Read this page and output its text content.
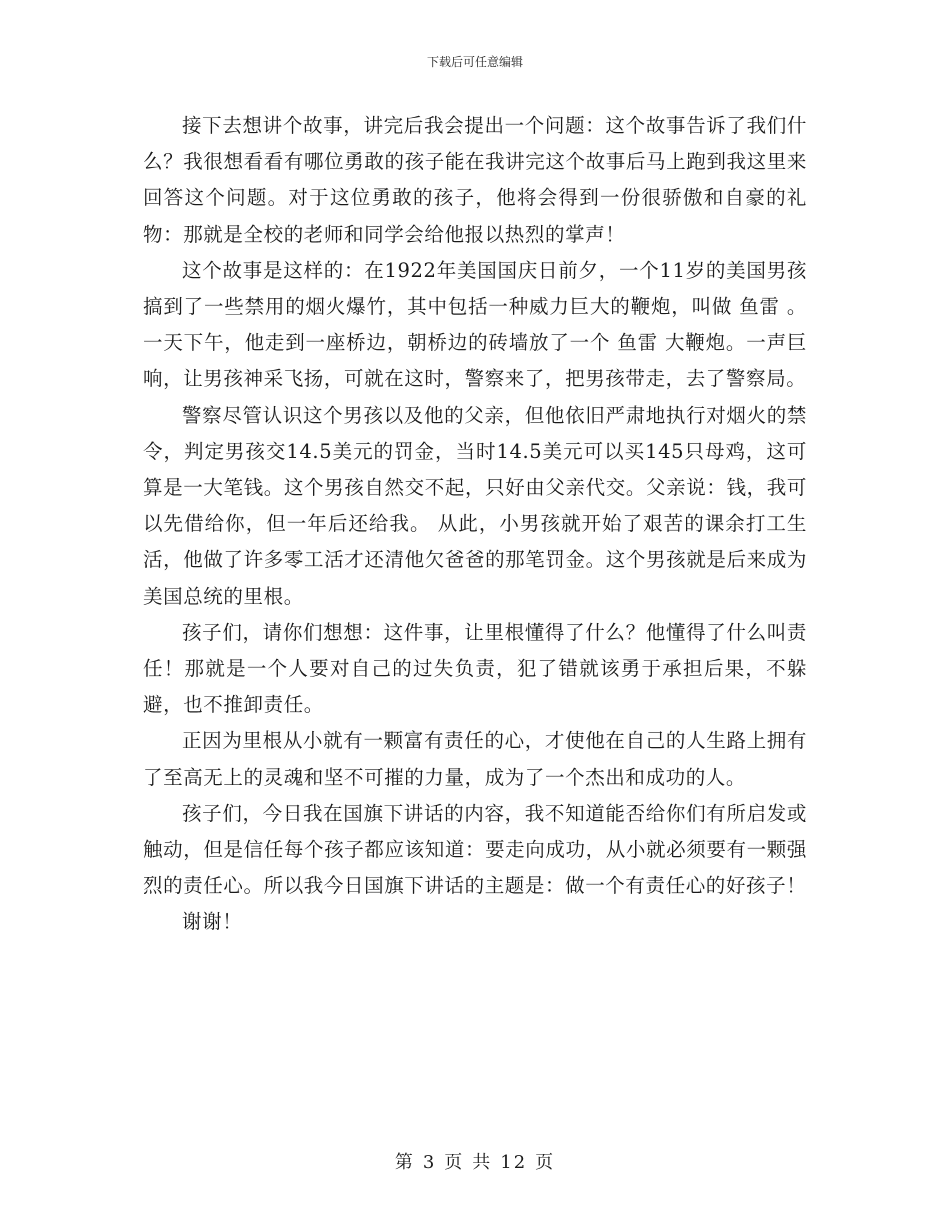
下载后可任意编辑

接下去想讲个故事，讲完后我会提出一个问题：这个故事告诉了我们什么？我很想看看有哪位勇敢的孩子能在我讲完这个故事后马上跑到我这里来回答这个问题。对于这位勇敢的孩子，他将会得到一份很骄傲和自豪的礼物：那就是全校的老师和同学会给他报以热烈的掌声！

这个故事是这样的：在1922年美国国庆日前夕，一个11岁的美国男孩搞到了一些禁用的烟火爆竹，其中包括一种威力巨大的鞭炮，叫做 鱼雷 。一天下午，他走到一座桥边，朝桥边的砖墙放了一个 鱼雷 大鞭炮。一声巨响，让男孩神采飞扬，可就在这时，警察来了，把男孩带走，去了警察局。

警察尽管认识这个男孩以及他的父亲，但他依旧严肃地执行对烟火的禁令，判定男孩交14.5美元的罚金，当时14.5美元可以买145只母鸡，这可算是一大笔钱。这个男孩自然交不起，只好由父亲代交。父亲说：钱，我可以先借给你，但一年后还给我。 从此，小男孩就开始了艰苦的课余打工生活，他做了许多零工活才还清他欠爸爸的那笔罚金。这个男孩就是后来成为美国总统的里根。

孩子们，请你们想想：这件事，让里根懂得了什么？他懂得了什么叫责任！那就是一个人要对自己的过失负责，犯了错就该勇于承担后果，不躲避，也不推卸责任。

正因为里根从小就有一颗富有责任的心，才使他在自己的人生路上拥有了至高无上的灵魂和坚不可摧的力量，成为了一个杰出和成功的人。

孩子们，今日我在国旗下讲话的内容，我不知道能否给你们有所启发或触动，但是信任每个孩子都应该知道：要走向成功，从小就必须要有一颗强烈的责任心。所以我今日国旗下讲话的主题是：做一个有责任心的好孩子！

谢谢！

第 3 页 共 12 页
